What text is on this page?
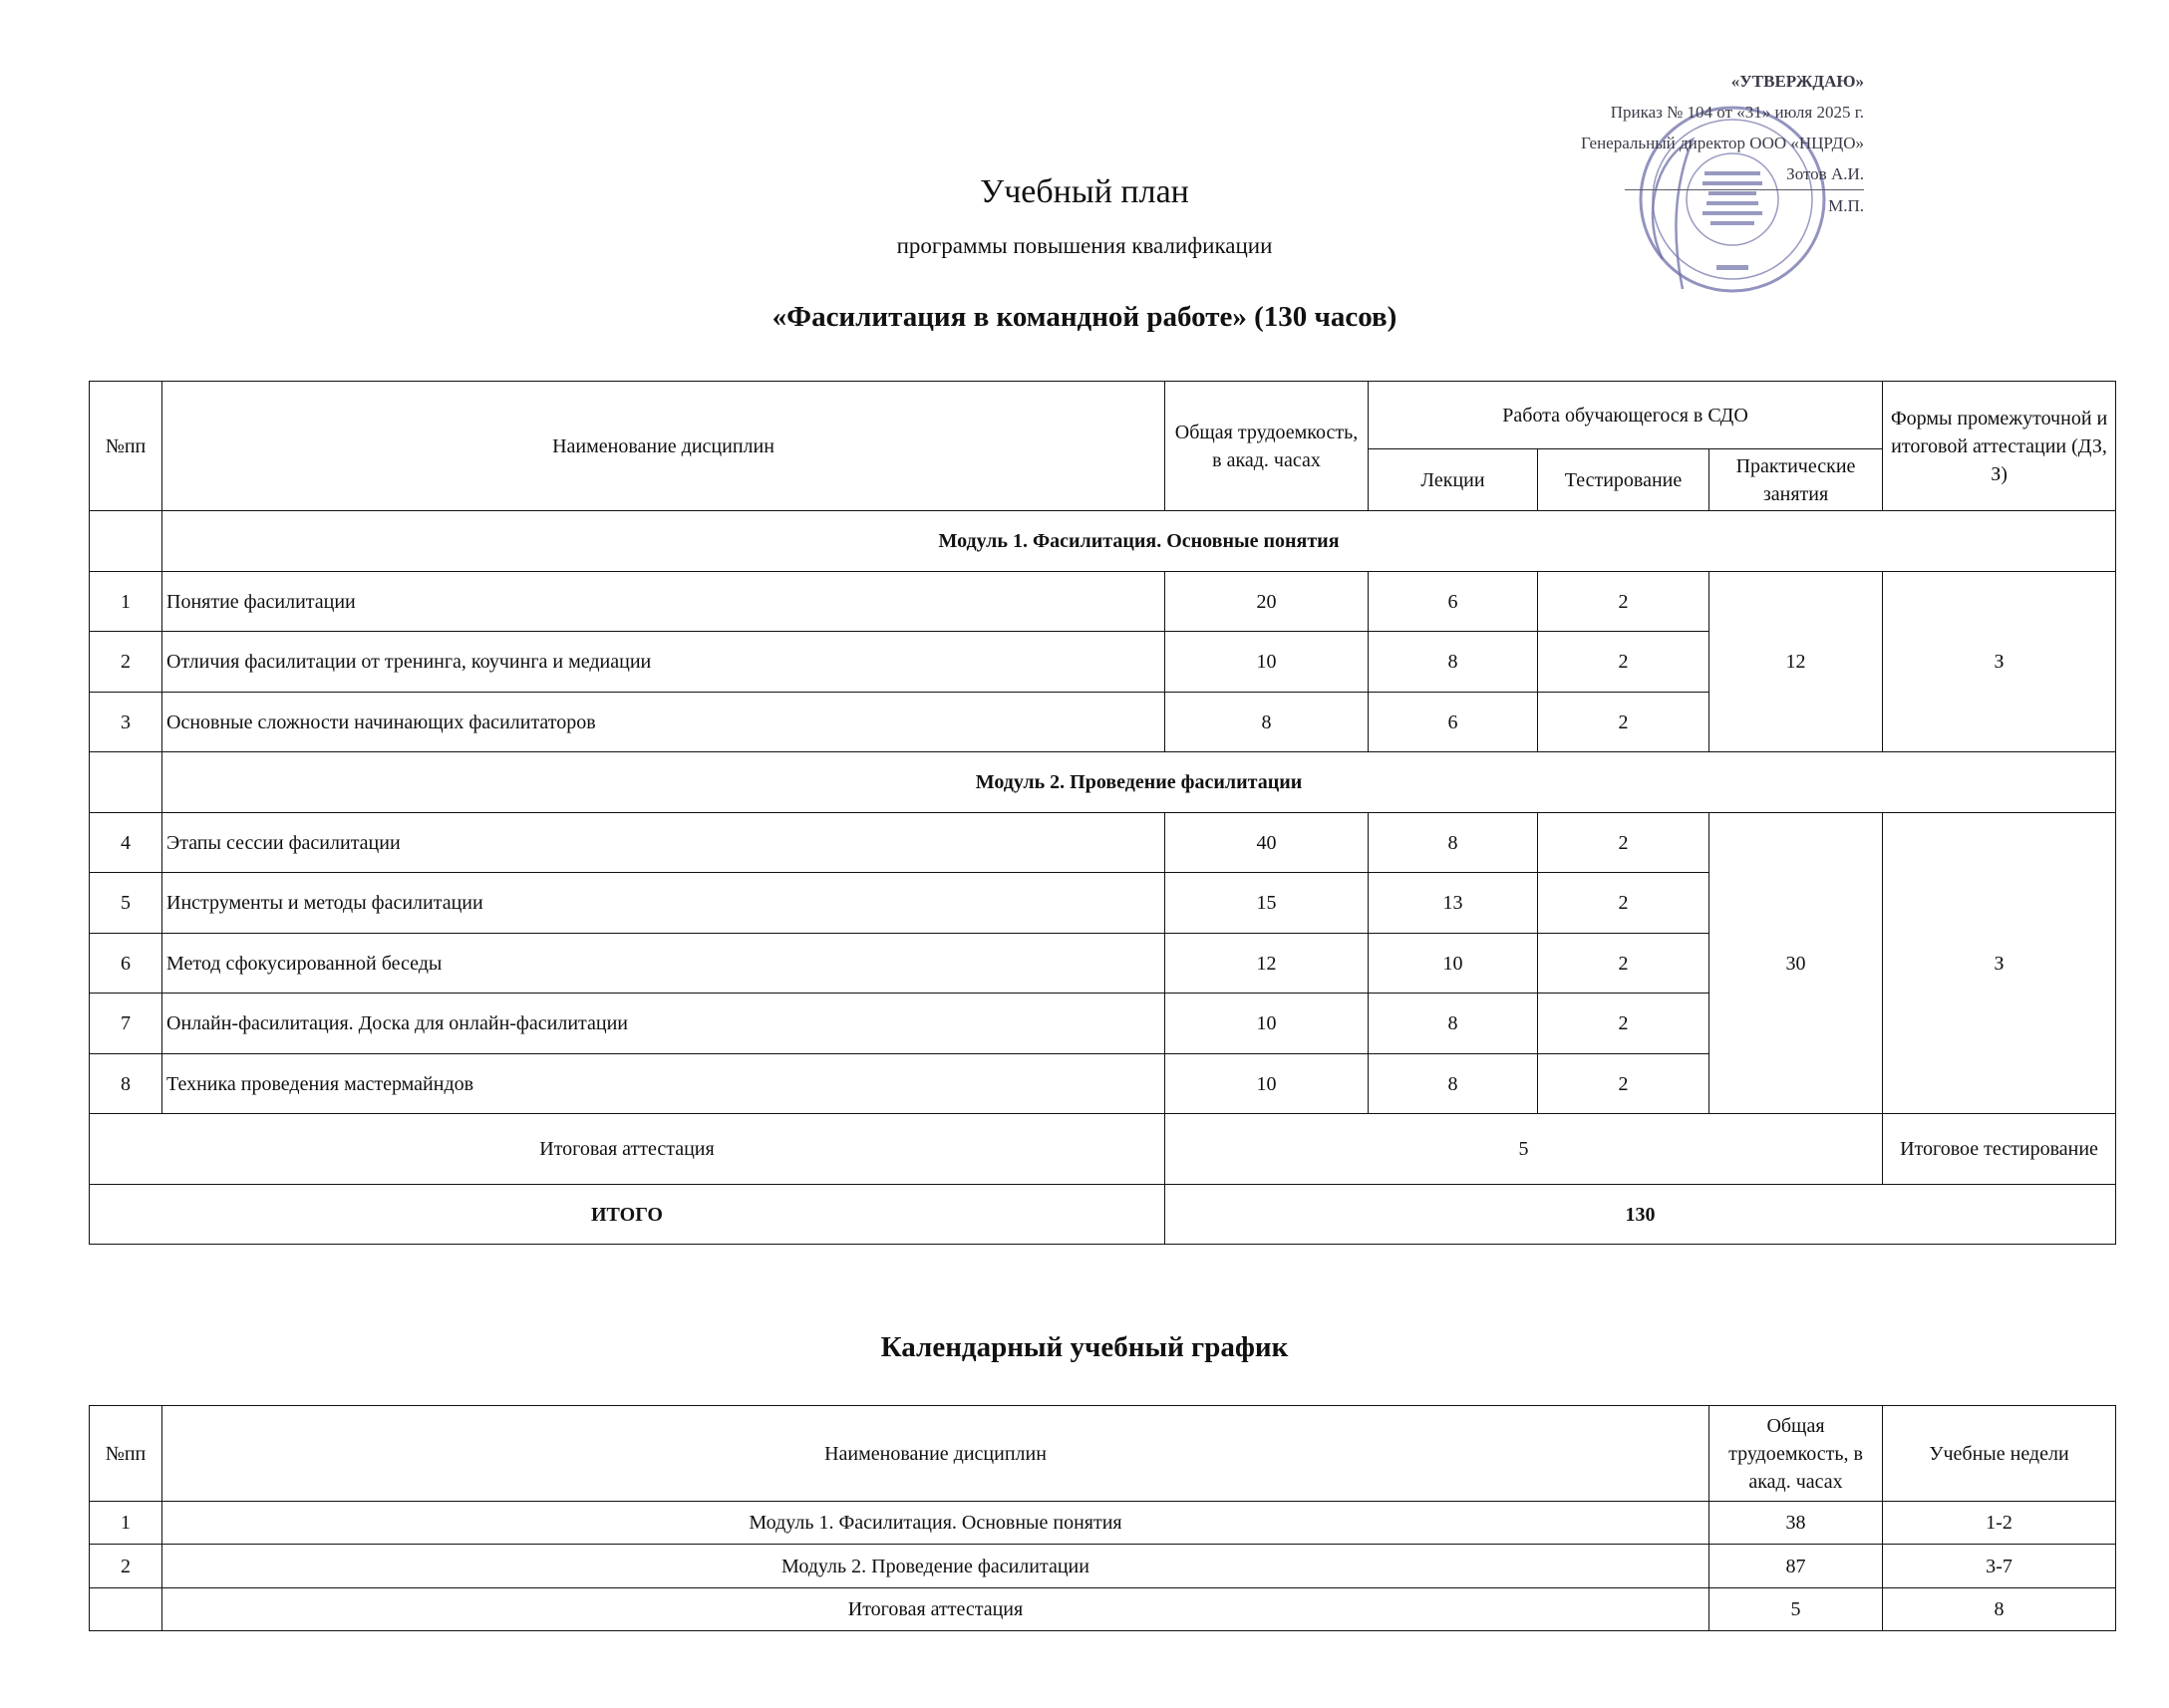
«УТВЕРЖДАЮ»
Приказ № 104 от «31» июля 2025 г.
Генеральный директор ООО «НЦРДО»
Зотов А.И.
М.П.
Учебный план
программы повышения квалификации
«Фасилитация в командной работе» (130 часов)
№пп	Наименование дисциплин	Общая трудоемкость, в акад. часах	Работа обучающегося в СДО			Формы промежуточной и итоговой аттестации (ДЗ, З)
			Лекции	Тестирование	Практические занятия	
	Модуль 1. Фасилитация. Основные понятия					
1	Понятие фасилитации	20	6	2	12	З
2	Отличия фасилитации от тренинга, коучинга и медиации	10	8	2		
3	Основные сложности начинающих фасилитаторов	8	6	2		
	Модуль 2. Проведение фасилитации					
4	Этапы сессии фасилитации	40	8	2	30	З
5	Инструменты и методы фасилитации	15	13	2		
6	Метод сфокусированной беседы	12	10	2		
7	Онлайн-фасилитация. Доска для онлайн-фасилитации	10	8	2		
8	Техника проведения мастермайндов	10	8	2		
Итоговая аттестация		5				Итоговое тестирование
ИТОГО		130				
Календарный учебный график
№пп	Наименование дисциплин	Общая трудоемкость, в акад. часах	Учебные недели
1	Модуль 1. Фасилитация. Основные понятия	38	1-2
2	Модуль 2. Проведение фасилитации	87	3-7
	Итоговая аттестация	5	8
